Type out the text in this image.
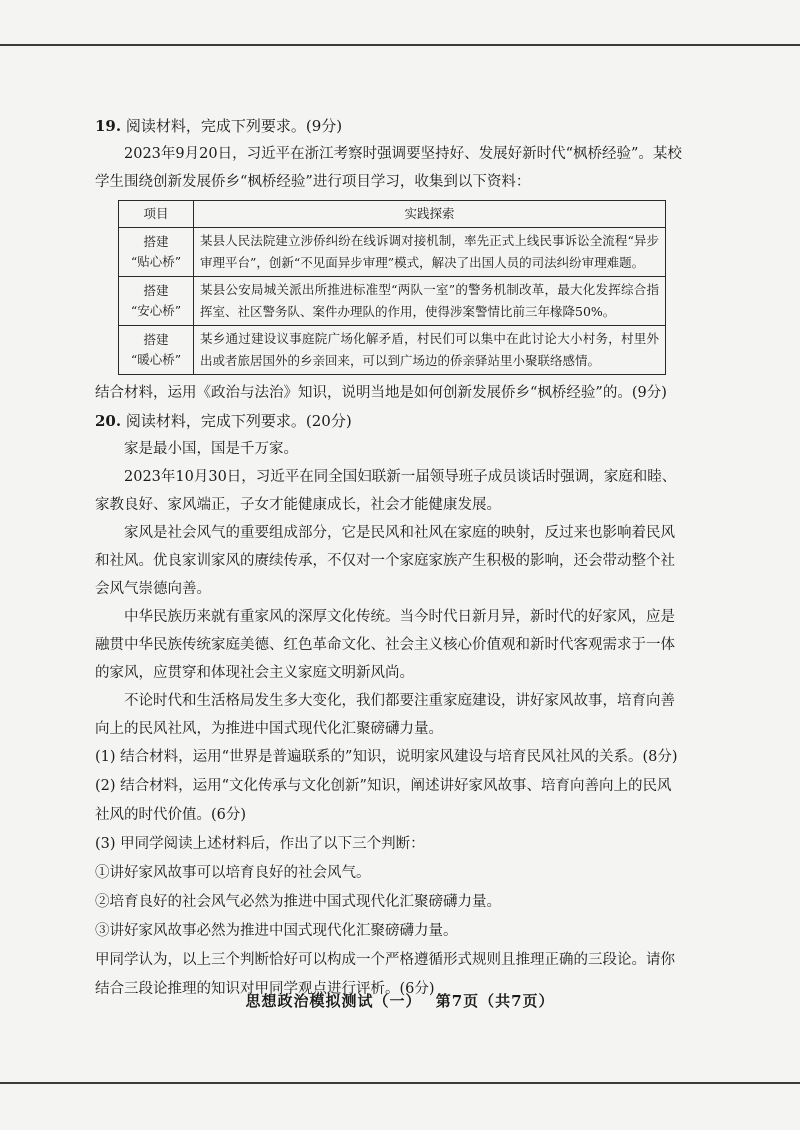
19. 阅读材料，完成下列要求。(9分)

2023年9月20日，习近平在浙江考察时强调要坚持好、发展好新时代“枫桥经验”。某校学生围绕创新发展侨乡“枫桥经验”进行项目学习，收集到以下资料：

项目	实践探索

搭建
“贴心桥”	某县人民法院建立涉侨纠纷在线诉调对接机制，率先正式上线民事诉讼全流程“异步审理平台”，创新“不见面异步审理”模式，解决了出国人员的司法纠纷审理难题。

搭建
“安心桥”	某县公安局城关派出所推进标准型“两队一室”的警务机制改革，最大化发挥综合指挥室、社区警务队、案件办理队的作用，使得涉案警情比前三年椽降50%。

搭建
“暖心桥”	某乡通过建设议事庭院广场化解矛盾，村民们可以集中在此讨论大小村务，村里外出或者旅居国外的乡亲回来，可以到广场边的侨亲驿站里小聚联络感情。

结合材料，运用《政治与法治》知识，说明当地是如何创新发展侨乡“枫桥经验”的。(9分)

20. 阅读材料，完成下列要求。(20分)

家是最小国，国是千万家。

2023年10月30日，习近平在同全国妇联新一届领导班子成员谈话时强调，家庭和睦、家教良好、家风端正，子女才能健康成长，社会才能健康发展。

家风是社会风气的重要组成部分，它是民风和社风在家庭的映射，反过来也影响着民风和社风。优良家训家风的赓续传承，不仅对一个家庭家族产生积极的影响，还会带动整个社会风气崇德向善。

中华民族历来就有重家风的深厚文化传统。当今时代日新月异，新时代的好家风，应是融贯中华民族传统家庭美德、红色革命文化、社会主义核心价值观和新时代客观需求于一体的家风，应贯穿和体现社会主义家庭文明新风尚。

不论时代和生活格局发生多大变化，我们都要注重家庭建设，讲好家风故事，培育向善向上的民风社风，为推进中国式现代化汇聚磅礴力量。

(1) 结合材料，运用“世界是普遍联系的”知识，说明家风建设与培育民风社风的关系。(8分)

(2) 结合材料，运用“文化传承与文化创新”知识，阐述讲好家风故事、培育向善向上的民风社风的时代价值。(6分)

(3) 甲同学阅读上述材料后，作出了以下三个判断：

①讲好家风故事可以培育良好的社会风气。

②培育良好的社会风气必然为推进中国式现代化汇聚磅礴力量。

③讲好家风故事必然为推进中国式现代化汇聚磅礴力量。

甲同学认为，以上三个判断恰好可以构成一个严格遵循形式规则且推理正确的三段论。请你结合三段论推理的知识对甲同学观点进行评析。(6分)

思想政治模拟测试（一） 第7页（共7页）
